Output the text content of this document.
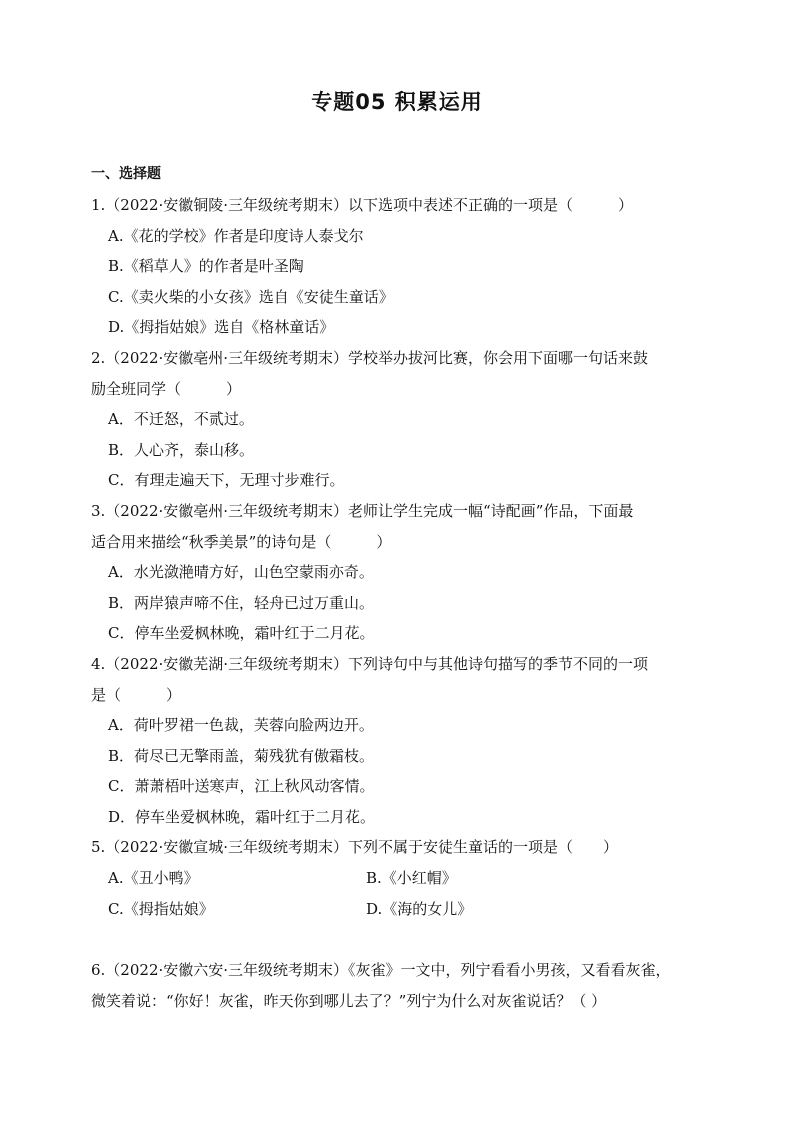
专题05 积累运用
一、选择题

1.（2022·安徽铜陵·三年级统考期末）以下选项中表述不正确的一项是（　　　）

A.《花的学校》作者是印度诗人泰戈尔

B.《稻草人》的作者是叶圣陶

C.《卖火柴的小女孩》选自《安徒生童话》

D.《拇指姑娘》选自《格林童话》

2.（2022·安徽亳州·三年级统考期末）学校举办拔河比赛，你会用下面哪一句话来鼓

励全班同学（　　　）

A．不迁怒，不贰过。

B．人心齐，泰山移。

C．有理走遍天下，无理寸步难行。

3.（2022·安徽亳州·三年级统考期末）老师让学生完成一幅“诗配画”作品，下面最

适合用来描绘“秋季美景”的诗句是（　　　）

A．水光潋滟晴方好，山色空蒙雨亦奇。

B．两岸猿声啼不住，轻舟已过万重山。

C．停车坐爱枫林晚，霜叶红于二月花。

4.（2022·安徽芜湖·三年级统考期末）下列诗句中与其他诗句描写的季节不同的一项

是（　　　）

A．荷叶罗裙一色裁，芙蓉向脸两边开。

B．荷尽已无擎雨盖，菊残犹有傲霜枝。

C．萧萧梧叶送寒声，江上秋风动客情。

D．停车坐爱枫林晚，霜叶红于二月花。

5.（2022·安徽宣城·三年级统考期末）下列不属于安徒生童话的一项是（　　）

A.《丑小鸭》	B.《小红帽》
C.《拇指姑娘》	D.《海的女儿》

6.（2022·安徽六安·三年级统考期末）《灰雀》一文中，列宁看看小男孩，又看看灰雀，

微笑着说：“你好！灰雀，昨天你到哪儿去了？”列宁为什么对灰雀说话？（ ）
